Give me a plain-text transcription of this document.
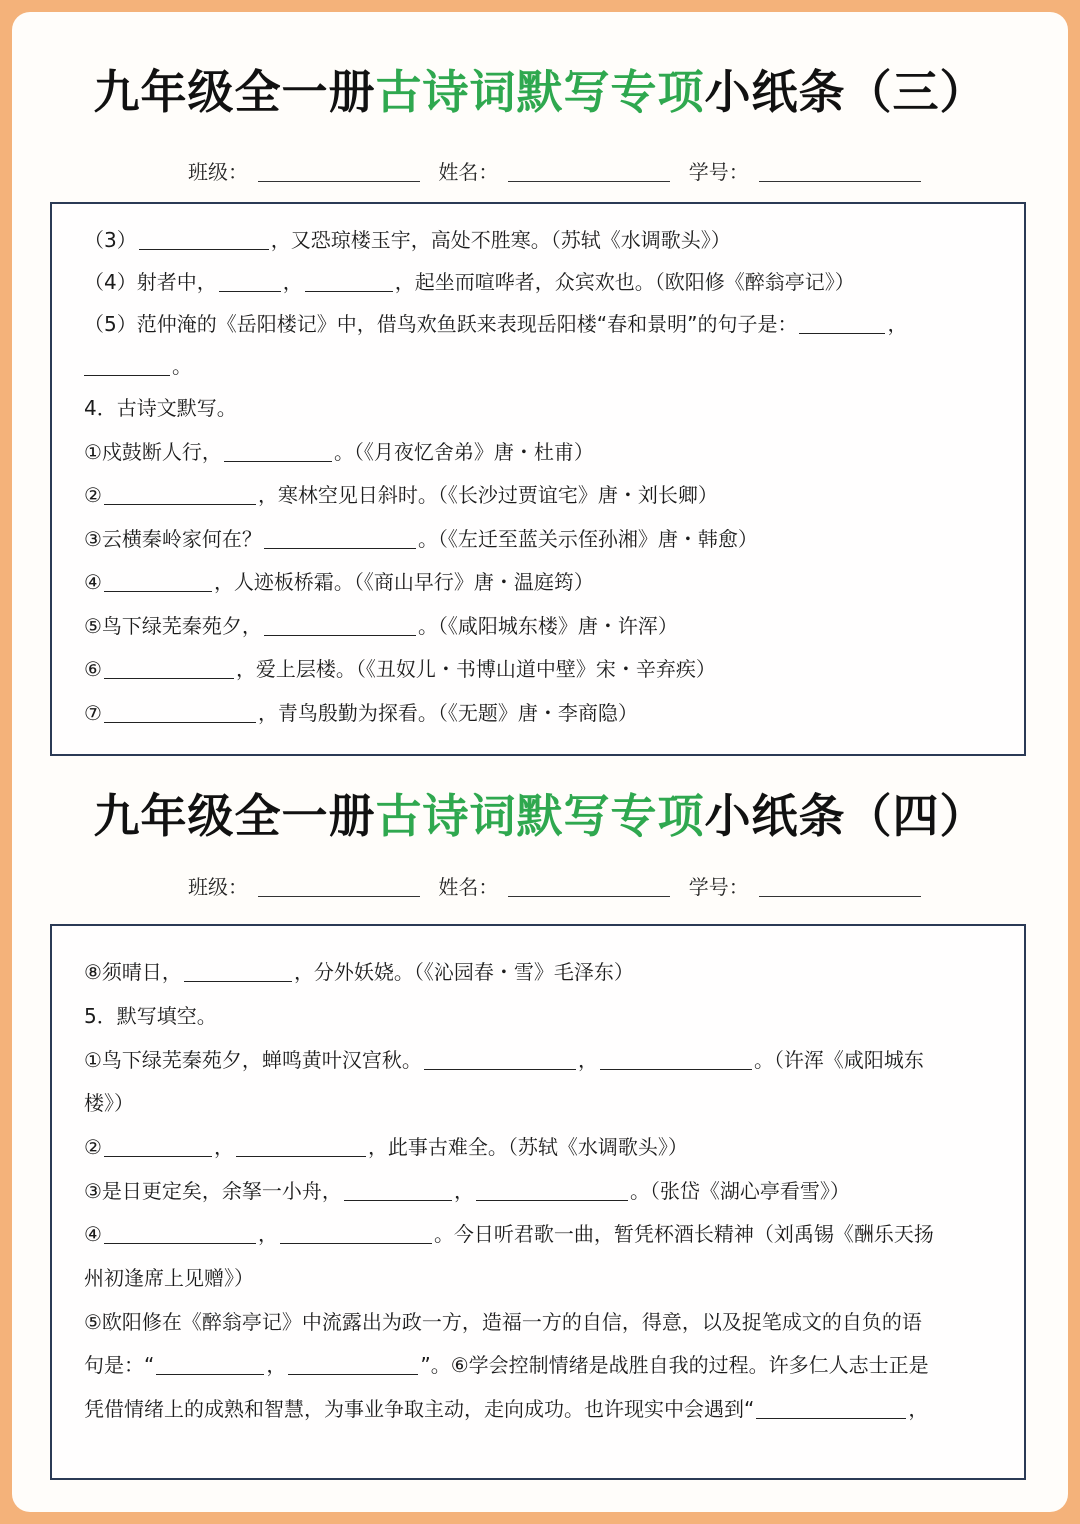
九年级全一册古诗词默写专项小纸条（三）
班级：	姓名：	学号：
（3）	，又恐琼楼玉宇，高处不胜寒。（苏轼《水调歌头》）
（4）射者中，	，	，起坐而喧哗者，众宾欢也。（欧阳修《醉翁亭记》）
（5）范仲淹的《岳阳楼记》中，借鸟欢鱼跃来表现岳阳楼“春和景明”的句子是：	，
。
4．古诗文默写。
①戍鼓断人行，	。（《月夜忆舍弟》唐・杜甫）
②	，寒林空见日斜时。（《长沙过贾谊宅》唐・刘长卿）
③云横秦岭家何在？	。（《左迁至蓝关示侄孙湘》唐・韩愈）
④	，人迹板桥霜。（《商山早行》唐・温庭筠）
⑤鸟下绿芜秦苑夕，	。（《咸阳城东楼》唐・许浑）
⑥	，爱上层楼。（《丑奴儿・书博山道中壁》宋・辛弃疾）
⑦	，青鸟殷勤为探看。（《无题》唐・李商隐）
九年级全一册古诗词默写专项小纸条（四）
班级：	姓名：	学号：
⑧须晴日，	，分外妖娆。（《沁园春・雪》毛泽东）
5．默写填空。
①鸟下绿芜秦苑夕，蝉鸣黄叶汉宫秋。	，	。（许浑《咸阳城东
楼》）
②	，	，此事古难全。（苏轼《水调歌头》）
③是日更定矣，余拏一小舟，	，	。（张岱《湖心亭看雪》）
④	，	。今日听君歌一曲，暂凭杯酒长精神（刘禹锡《酬乐天扬
州初逢席上见赠》）
⑤欧阳修在《醉翁亭记》中流露出为政一方，造福一方的自信，得意，以及捉笔成文的自负的语
句是：“	，	”。⑥学会控制情绪是战胜自我的过程。许多仁人志士正是
凭借情绪上的成熟和智慧，为事业争取主动，走向成功。也许现实中会遇到“	，
